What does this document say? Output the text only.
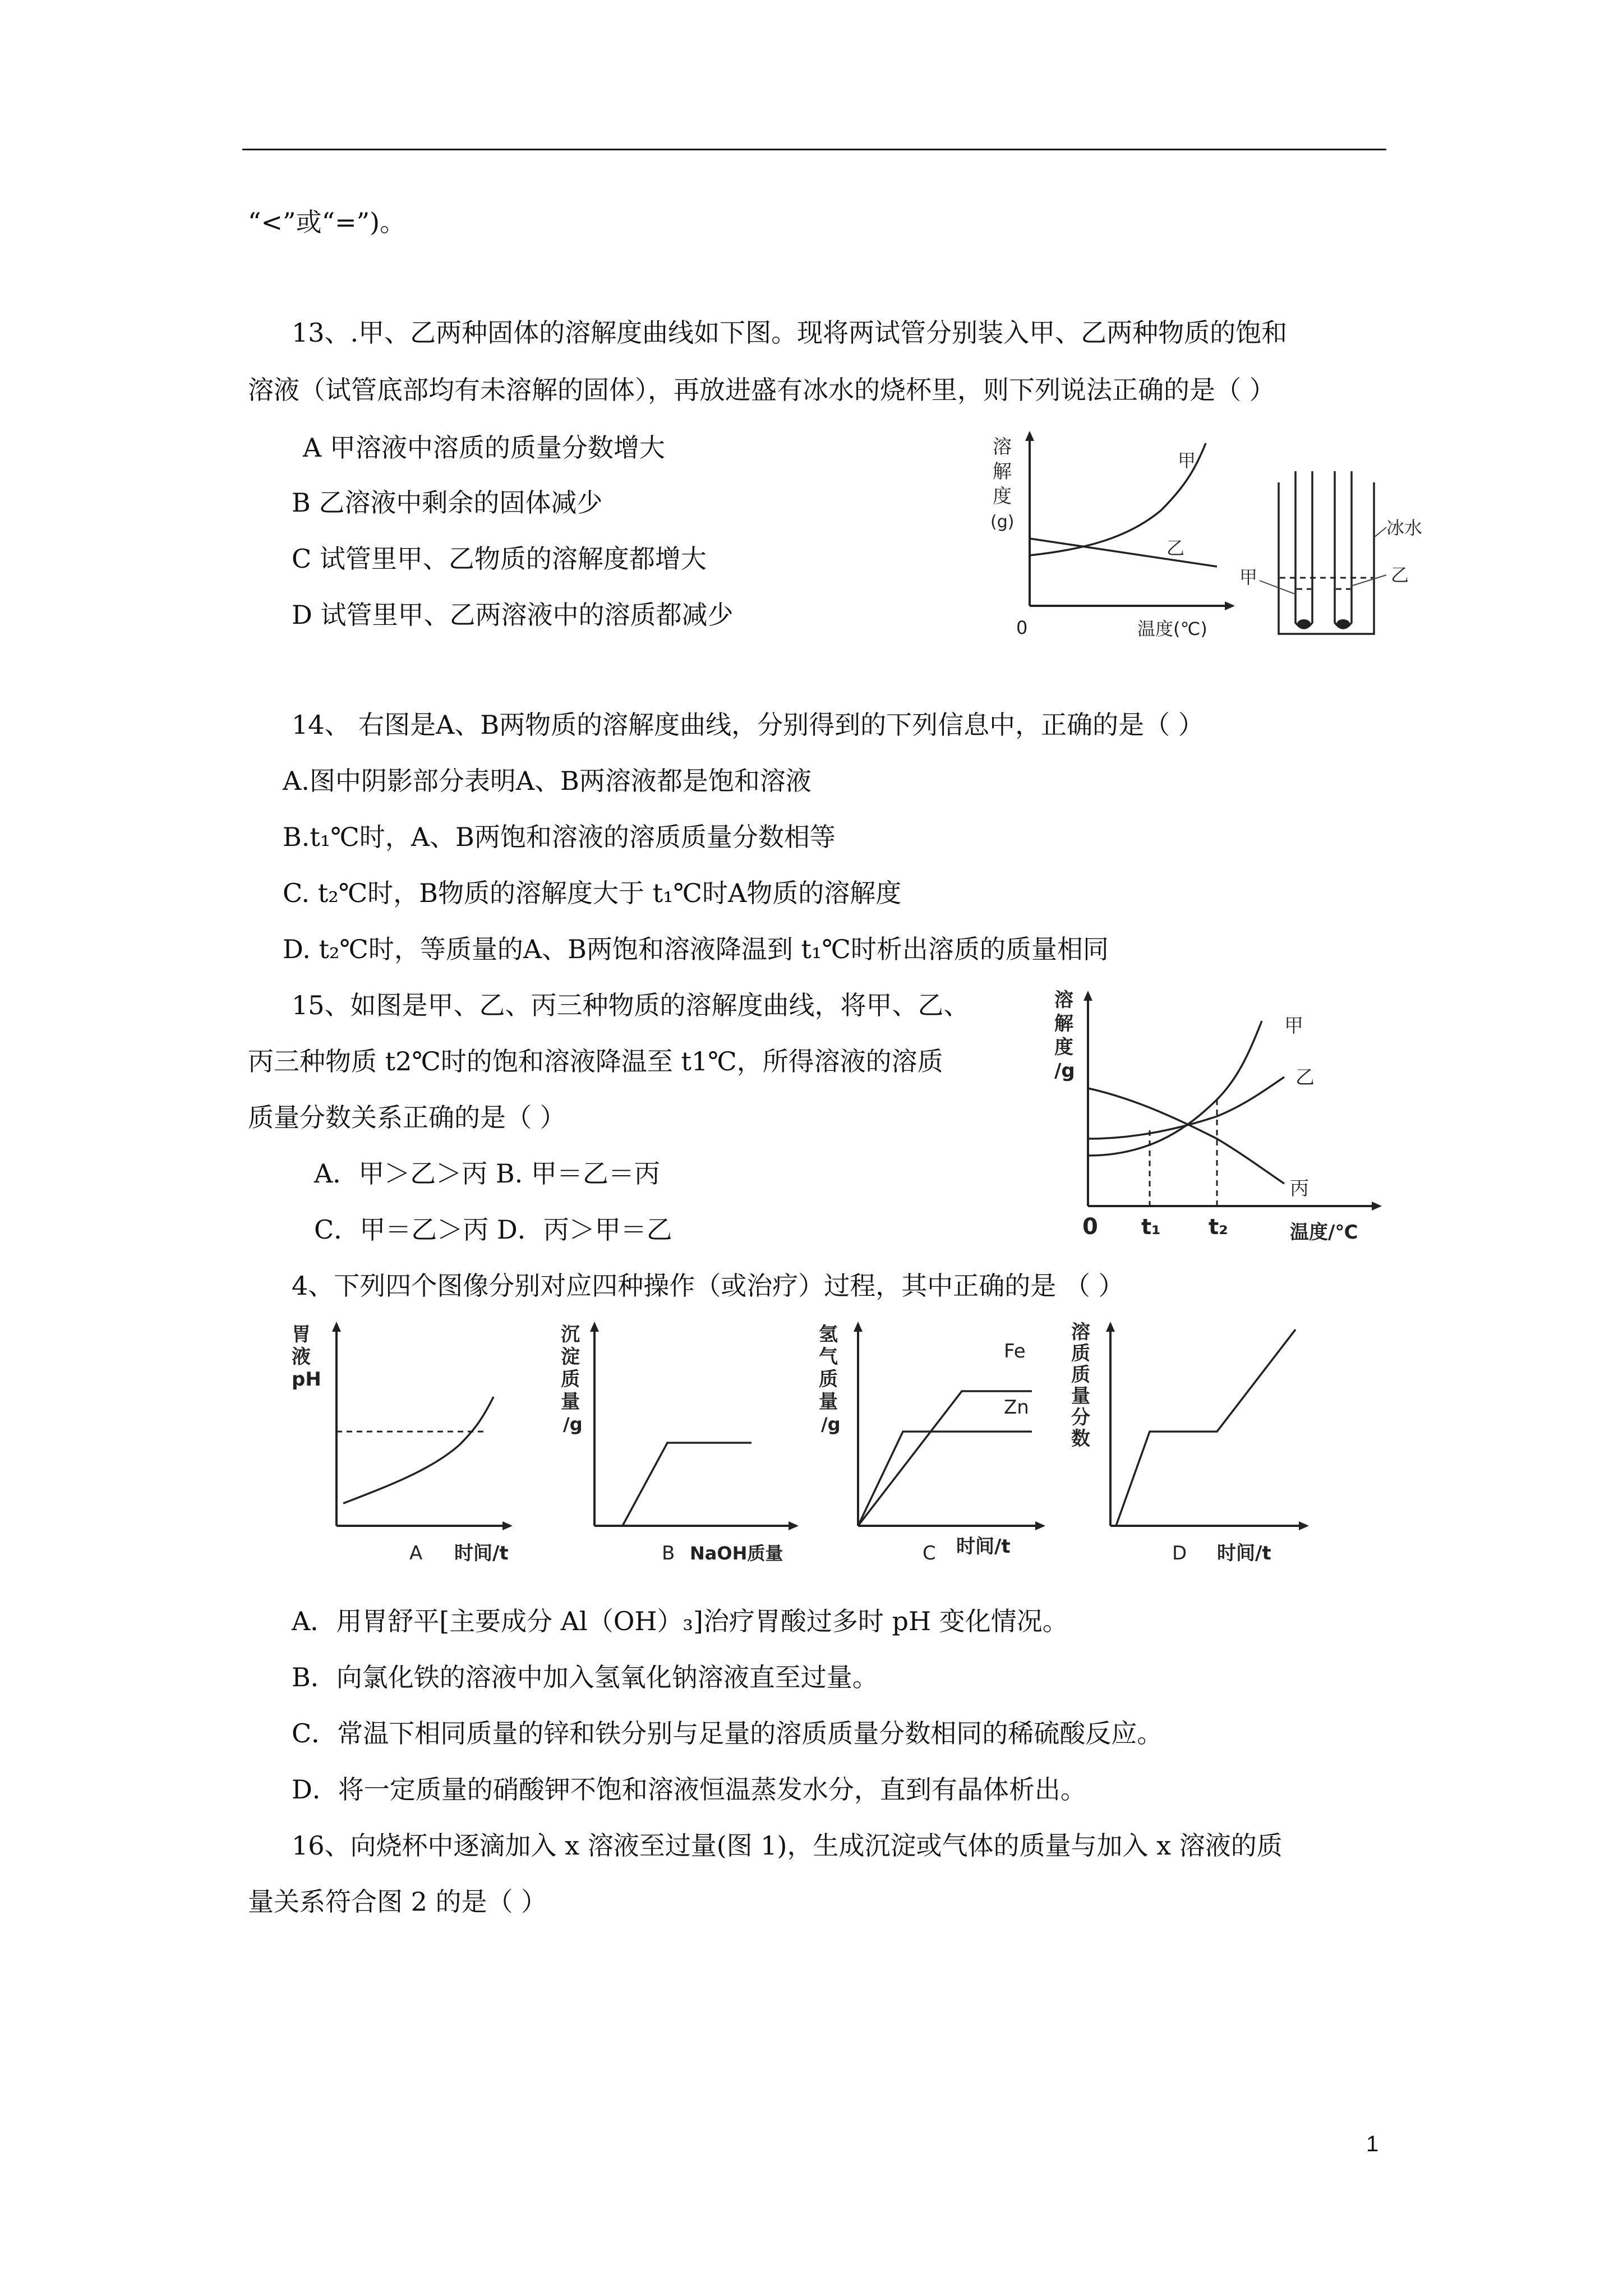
“<”或“=”)。
13、.甲、乙两种固体的溶解度曲线如下图。现将两试管分别装入甲、乙两种物质的饱和
溶液（试管底部均有未溶解的固体），再放进盛有冰水的烧杯里，则下列说法正确的是（ ）
A 甲溶液中溶质的质量分数增大
B 乙溶液中剩余的固体减少
C 试管里甲、乙物质的溶解度都增大
D 试管里甲、乙两溶液中的溶质都减少
14、 右图是A、B两物质的溶解度曲线，分别得到的下列信息中，正确的是（ ）
A.图中阴影部分表明A、B两溶液都是饱和溶液
B.t₁℃时，A、B两饱和溶液的溶质质量分数相等
C. t₂℃时，B物质的溶解度大于 t₁℃时A物质的溶解度
D. t₂℃时，等质量的A、B两饱和溶液降温到 t₁℃时析出溶质的质量相同
15、如图是甲、乙、丙三种物质的溶解度曲线，将甲、乙、
丙三种物质 t2℃时的饱和溶液降温至 t1℃，所得溶液的溶质
质量分数关系正确的是（ ）
A．甲＞乙＞丙 B. 甲＝乙＝丙
C．甲＝乙＞丙 D．丙＞甲＝乙
4、下列四个图像分别对应四种操作（或治疗）过程，其中正确的是 （ ）
A．用胃舒平[主要成分 Al（OH）₃]治疗胃酸过多时 pH 变化情况。
B．向氯化铁的溶液中加入氢氧化钠溶液直至过量。
C．常温下相同质量的锌和铁分别与足量的溶质质量分数相同的稀硫酸反应。
D．将一定质量的硝酸钾不饱和溶液恒温蒸发水分，直到有晶体析出。
16、向烧杯中逐滴加入 x 溶液至过量(图 1)，生成沉淀或气体的质量与加入 x 溶液的质
量关系符合图 2 的是（ ）
1
溶
解
度
(g)
甲
乙
0	温度(℃)
冰水
乙
甲
溶
解
度
/g
甲
乙
丙
0 t₁ t₂	温度/℃
胃
液
pH
A 时间/t
沉
淀
质
量
/g
B NaOH质量
氢
气
质
量
/g
Fe
Zn
C 时间/t
溶
质
质
量
分
数
D 时间/t
